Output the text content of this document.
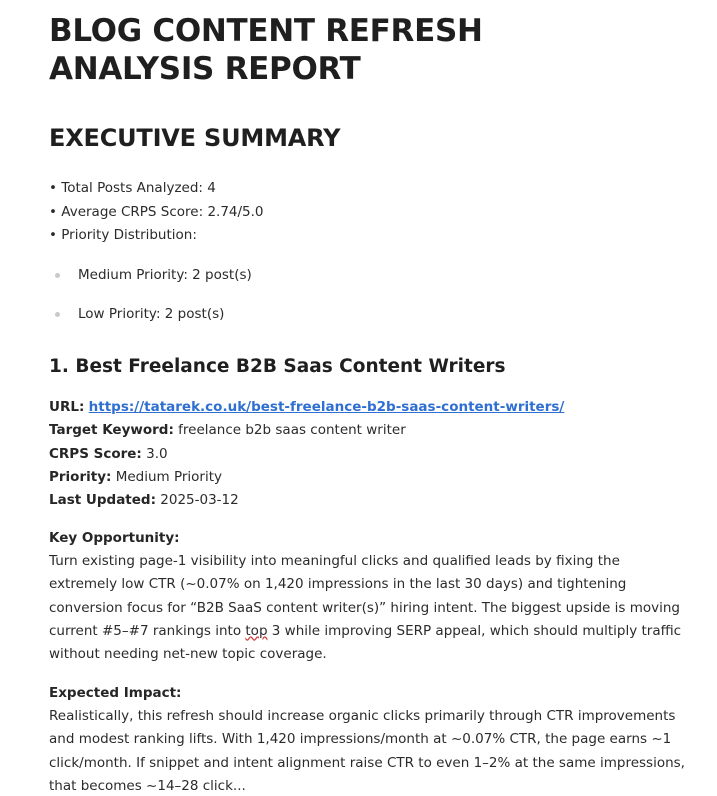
BLOG CONTENT REFRESH ANALYSIS REPORT
EXECUTIVE SUMMARY
• Total Posts Analyzed: 4
• Average CRPS Score: 2.74/5.0
• Priority Distribution:
Medium Priority: 2 post(s)
Low Priority: 2 post(s)
1. Best Freelance B2B Saas Content Writers
URL: https://tatarek.co.uk/best-freelance-b2b-saas-content-writers/
Target Keyword: freelance b2b saas content writer
CRPS Score: 3.0
Priority: Medium Priority
Last Updated: 2025-03-12
Key Opportunity:

Turn existing page-1 visibility into meaningful clicks and qualified leads by fixing the
extremely low CTR (~0.07% on 1,420 impressions in the last 30 days) and tightening
conversion focus for “B2B SaaS content writer(s)” hiring intent. The biggest upside is moving
current #5–#7 rankings into top 3 while improving SERP appeal, which should multiply traffic
without needing net-new topic coverage.

Expected Impact:

Realistically, this refresh should increase organic clicks primarily through CTR improvements
and modest ranking lifts. With 1,420 impressions/month at ~0.07% CTR, the page earns ~1
click/month. If snippet and intent alignment raise CTR to even 1–2% at the same impressions,
that becomes ~14–28 click...
